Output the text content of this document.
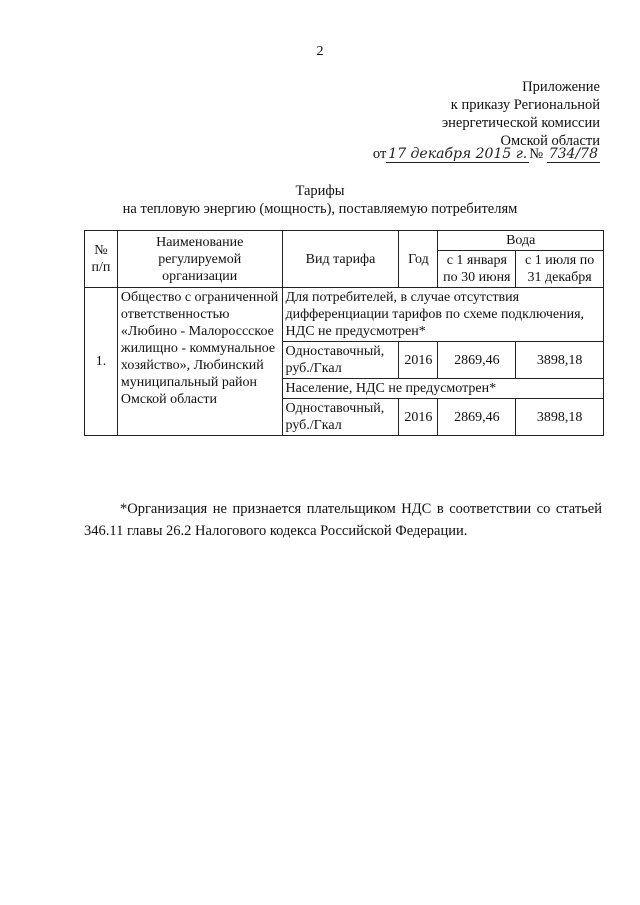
2
Приложение
к приказу Региональной
энергетической комиссии
Омской области
от 17 декабря 2015 г. № 734/78
Тарифы
на тепловую энергию (мощность), поставляемую потребителям
№ п/п	Наименование регулируемой организации	Вид тарифа	Год	Вода	
				с 1 января по 30 июня	с 1 июля по 31 декабря
1.	Общество с ограниченной ответственностью «Любино - Малороссское жилищно - коммунальное хозяйство», Любинский муниципальный район Омской области	Для потребителей, в случае отсутствия дифференциации тарифов по схеме подключения, НДС не предусмотрен*			
		Одноставочный, руб./Гкал	2016	2869,46	3898,18
		Население, НДС не предусмотрен*			
		Одноставочный, руб./Гкал	2016	2869,46	3898,18
*Организация не признается плательщиком НДС в соответствии со статьей 346.11 главы 26.2 Налогового кодекса Российской Федерации.
